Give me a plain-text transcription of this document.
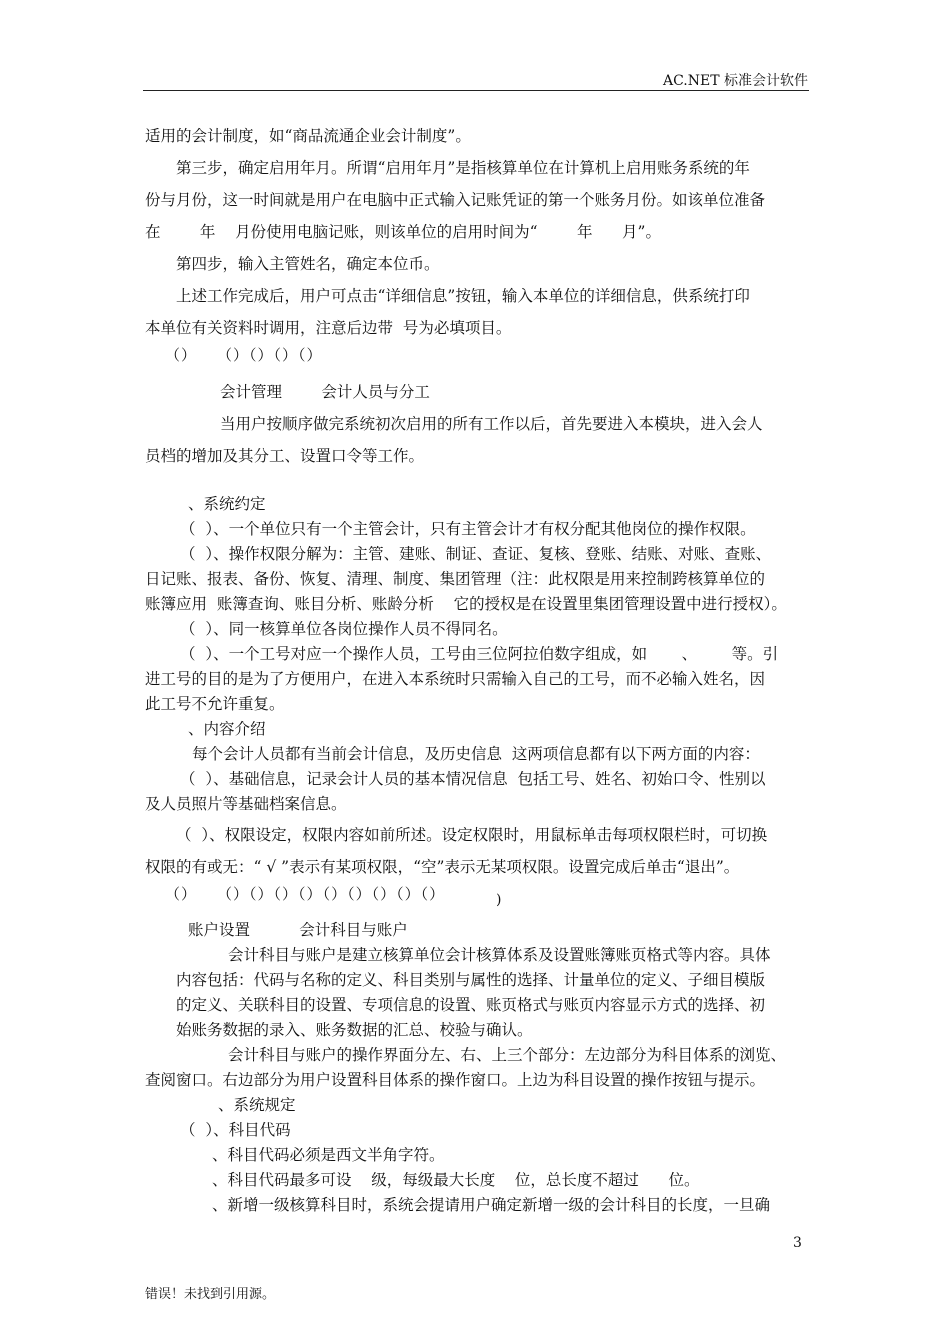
AC.NET 标准会计软件
适用的会计制度，如“商品流通企业会计制度”。
第三步，确定启用年月。所谓“启用年月”是指核算单位在计算机上启用账务系统的年
份与月份，这一时间就是用户在电脑中正式输入记账凭证的第一个账务月份。如该单位准备
在        年    月份使用电脑记账，则该单位的启用时间为“        年      月”。
第四步，输入主管姓名，确定本位币。
上述工作完成后，用户可点击“详细信息”按钮，输入本单位的详细信息，供系统打印
本单位有关资料时调用，注意后边带  号为必填项目。
（）  （）（）（）（）
会计管理        会计人员与分工
当用户按顺序做完系统初次启用的所有工作以后，首先要进入本模块，进入会人
员档的增加及其分工、设置口令等工作。
、系统约定
（  ）、一个单位只有一个主管会计，只有主管会计才有权分配其他岗位的操作权限。
（  ）、操作权限分解为：主管、建账、制证、查证、复核、登账、结账、对账、查账、
日记账、报表、备份、恢复、清理、制度、集团管理（注：此权限是用来控制跨核算单位的
账簿应用  账簿查询、账目分析、账龄分析    它的授权是在设置里集团管理设置中进行授权）。
（  ）、同一核算单位各岗位操作人员不得同名。
（  ）、一个工号对应一个操作人员，工号由三位阿拉伯数字组成，如       、       等。引
进工号的目的是为了方便用户，在进入本系统时只需输入自己的工号，而不必输入姓名，因
此工号不允许重复。
、内容介绍
每个会计人员都有当前会计信息，及历史信息  这两项信息都有以下两方面的内容：
（  ）、基础信息，记录会计人员的基本情况信息  包括工号、姓名、初始口令、性别以
及人员照片等基础档案信息。
（  ）、权限设定，权限内容如前所述。设定权限时，用鼠标单击每项权限栏时，可切换
权限的有或无：“ √ ”表示有某项权限，“空”表示无某项权限。设置完成后单击“退出”。
（）  （）（）（）（）（）（）（）（）（）	)
账户设置          会计科目与账户
会计科目与账户是建立核算单位会计核算体系及设置账簿账页格式等内容。具体
内容包括：代码与名称的定义、科目类别与属性的选择、计量单位的定义、子细目模版
的定义、关联科目的设置、专项信息的设置、账页格式与账页内容显示方式的选择、初
始账务数据的录入、账务数据的汇总、校验与确认。
会计科目与账户的操作界面分左、右、上三个部分：左边部分为科目体系的浏览、
查阅窗口。右边部分为用户设置科目体系的操作窗口。上边为科目设置的操作按钮与提示。
、系统规定
（  ）、科目代码
、科目代码必须是西文半角字符。
、科目代码最多可设    级，每级最大长度    位，总长度不超过      位。
、新增一级核算科目时，系统会提请用户确定新增一级的会计科目的长度，一旦确
3
错误！未找到引用源。
